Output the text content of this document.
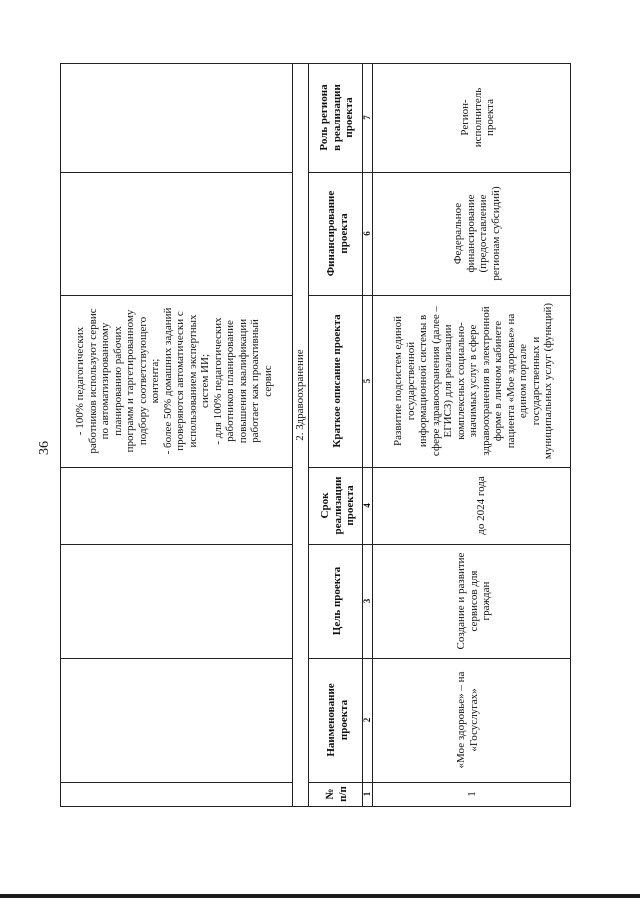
36
- 100% педагогических
работников используют сервис
по автоматизированному
планированию рабочих
программ и таргетированному
подбору соответствующего
контента;
- более 50% домашних заданий
проверяются автоматически с
использованием экспертных
систем ИИ;
- для 100% педагогических
работников планирование
повышения квалификации
работает как проактивный
сервис 2. Здравоохранение
№
п/п
Наименование
проекта
Цель проекта
Срок
реализации
проекта
Краткое описание проекта
Финансирование
проекта
Роль региона
в реализации
проекта
1
2
3
4
5
6
7
1
«Мое здоровье» – на
«Госуслугах»
Создание и развитие
сервисов для
граждан
до 2024 года
Развитие подсистем единой
государственной
информационной системы в
сфере здравоохранения (далее –
ЕГИСЗ) для реализации
комплексных социально-
значимых услуг в сфере
здравоохранения в электронной
форме в личном кабинете
пациента «Мое здоровье» на
едином портале
государственных и
муниципальных услуг (функций)
Федеральное
финансирование
(предоставление
регионам субсидий)
Регион-
исполнитель
проекта
